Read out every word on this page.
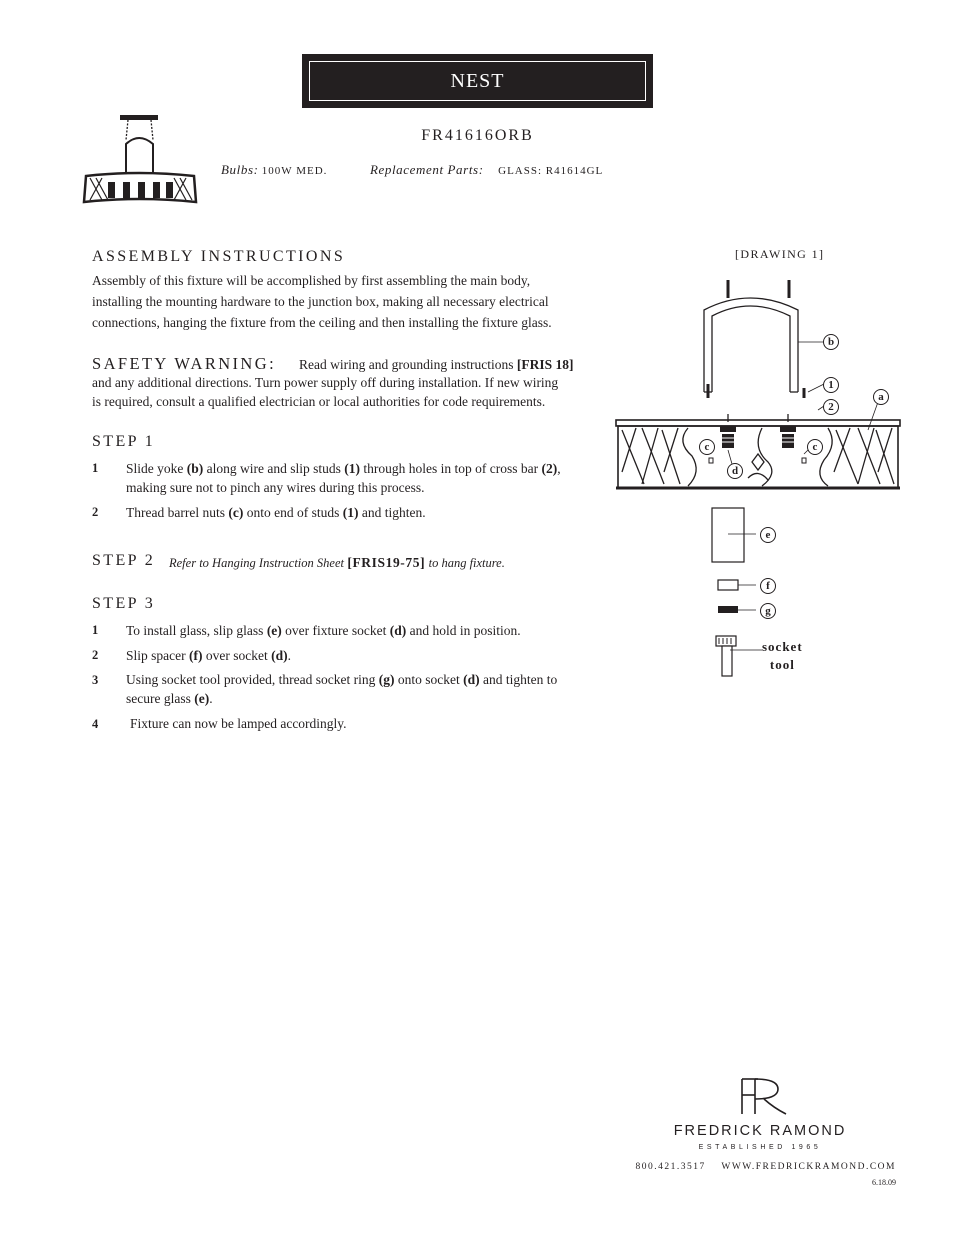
NEST
FR41616ORB
Bulbs: 100W MED.	Replacement Parts: GLASS: R41614GL
ASSEMBLY INSTRUCTIONS
Assembly of this fixture will be accomplished by first assembling the main body,
installing the mounting hardware to the junction box, making all necessary electrical
connections, hanging the fixture from the ceiling and then installing the fixture glass.
SAFETY WARNING: Read wiring and grounding instructions [FRIS 18]
and any additional directions. Turn power supply off during installation. If new wiring
is required, consult a qualified electrician or local authorities for code requirements.
STEP 1
1 Slide yoke (b) along wire and slip studs (1) through holes in top of cross bar (2),
making sure not to pinch any wires during this process.
2 Thread barrel nuts (c) onto end of studs (1) and tighten.
STEP 2 Refer to Hanging Instruction Sheet [FRIS19-75] to hang fixture.
STEP 3
1 To install glass, slip glass (e) over fixture socket (d) and hold in position.
2 Slip spacer (f) over socket (d).
3 Using socket tool provided, thread socket ring (g) onto socket (d) and tighten to
secure glass (e).
4 Fixture can now be lamped accordingly.
[DRAWING 1]
b
1
a
2
c	c
d
e
f
g
socket
tool
FREDRICK RAMOND
ESTABLISHED 1965
800.421.3517 WWW.FREDRICKRAMOND.COM
6.18.09
